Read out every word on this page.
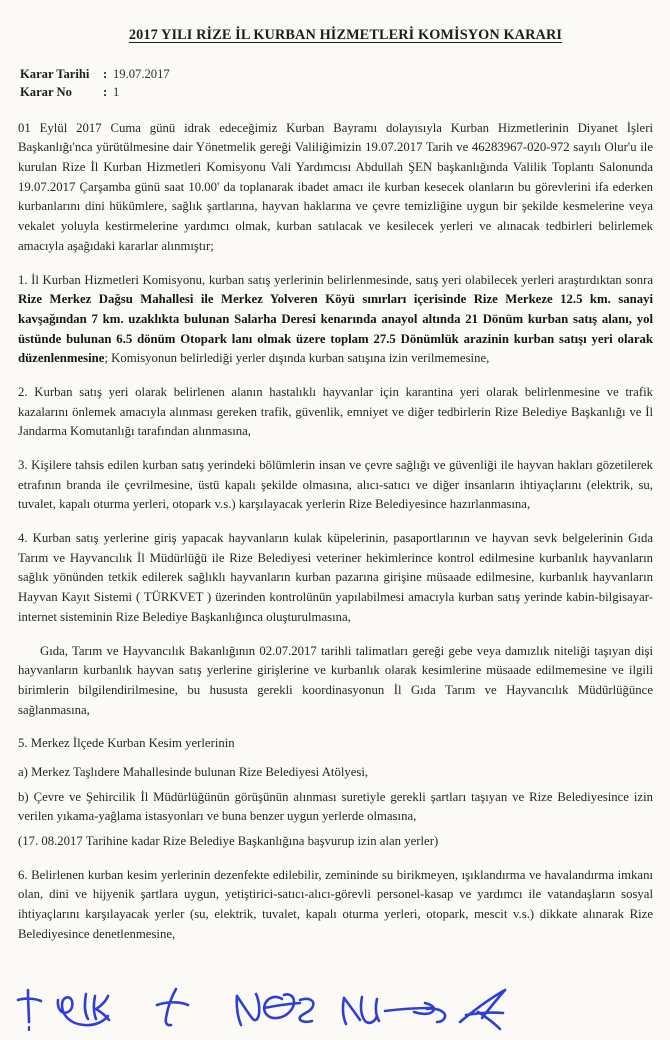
2017 YILI RİZE İL KURBAN HİZMETLERİ KOMİSYON KARARI
Karar Tarihi	: 19.07.2017
Karar No	: 1

01 Eylül 2017 Cuma günü idrak edeceğimiz Kurban Bayramı dolayısıyla Kurban Hizmetlerinin Diyanet İşleri Başkanlığı'nca yürütülmesine dair Yönetmelik gereği Valiliğimizin 19.07.2017 Tarih ve 46283967-020-972 sayılı Olur'u ile kurulan Rize İl Kurban Hizmetleri Komisyonu Vali Yardımcısı Abdullah ŞEN başkanlığında Valilik Toplantı Salonunda 19.07.2017 Çarşamba günü saat 10.00' da toplanarak ibadet amacı ile kurban kesecek olanların bu görevlerini ifa ederken kurbanlarını dini hükümlere, sağlık şartlarına, hayvan haklarına ve çevre temizliğine uygun bir şekilde kesmelerine veya vekalet yoluyla kestirmelerine yardımcı olmak, kurban satılacak ve kesilecek yerleri ve alınacak tedbirleri belirlemek amacıyla aşağıdaki kararlar alınmıştır;

1. İl Kurban Hizmetleri Komisyonu, kurban satış yerlerinin belirlenmesinde, satış yeri olabilecek yerleri araştırdıktan sonra Rize Merkez Dağsu Mahallesi ile Merkez Yolveren Köyü sınırları içerisinde Rize Merkeze 12.5 km. sanayi kavşağından 7 km. uzaklıkta bulunan Salarha Deresi kenarında anayol altında 21 Dönüm kurban satış alanı, yol üstünde bulunan 6.5 dönüm Otopark lanı olmak üzere toplam 27.5 Dönümlük arazinin kurban satışı yeri olarak düzenlenmesine; Komisyonun belirlediği yerler dışında kurban satışına izin verilmemesine,

2. Kurban satış yeri olarak belirlenen alanın hastalıklı hayvanlar için karantina yeri olarak belirlenmesine ve trafik kazalarını önlemek amacıyla alınması gereken trafik, güvenlik, emniyet ve diğer tedbirlerin Rize Belediye Başkanlığı ve İl Jandarma Komutanlığı tarafından alınmasına,

3. Kişilere tahsis edilen kurban satış yerindeki bölümlerin insan ve çevre sağlığı ve güvenliği ile hayvan hakları gözetilerek etrafının branda ile çevrilmesine, üstü kapalı şekilde olmasına, alıcı-satıcı ve diğer insanların ihtiyaçlarını (elektrik, su, tuvalet, kapalı oturma yerleri, otopark v.s.) karşılayacak yerlerin Rize Belediyesince hazırlanmasına,

4. Kurban satış yerlerine giriş yapacak hayvanların kulak küpelerinin, pasaportlarının ve hayvan sevk belgelerinin Gıda Tarım ve Hayvancılık İl Müdürlüğü ile Rize Belediyesi veteriner hekimlerince kontrol edilmesine kurbanlık hayvanların sağlık yönünden tetkik edilerek sağlıklı hayvanların kurban pazarına girişine müsaade edilmesine, kurbanlık hayvanların Hayvan Kayıt Sistemi ( TÜRKVET ) üzerinden kontrolünün yapılabilmesi amacıyla kurban satış yerinde kabin-bilgisayar- internet sisteminin Rize Belediye Başkanlığınca oluşturulmasına,

Gıda, Tarım ve Hayvancılık Bakanlığının 02.07.2017 tarihli talimatları gereği gebe veya damızlık niteliği taşıyan dişi hayvanların kurbanlık hayvan satış yerlerine girişlerine ve kurbanlık olarak kesimlerine müsaade edilmemesine ve ilgili birimlerin bilgilendirilmesine, bu hususta gerekli koordinasyonun İl Gıda Tarım ve Hayvancılık Müdürlüğünce sağlanmasına,

5. Merkez İlçede Kurban Kesim yerlerinin

a) Merkez Taşlıdere Mahallesinde bulunan Rize Belediyesi Atölyesi,

b) Çevre ve Şehircilik İl Müdürlüğünün görüşünün alınması suretiyle gerekli şartları taşıyan ve Rize Belediyesince izin verilen yıkama-yağlama istasyonları ve buna benzer uygun yerlerde olmasına,

(17. 08.2017 Tarihine kadar Rize Belediye Başkanlığına başvurup izin alan yerler)

6. Belirlenen kurban kesim yerlerinin dezenfekte edilebilir, zemininde su birikmeyen, ışıklandırma ve havalandırma imkanı olan, dini ve hijyenik şartlara uygun, yetiştirici-satıcı-alıcı-görevli personel-kasap ve yardımcı ile vatandaşların sosyal ihtiyaçlarını karşılayacak yerler (su, elektrik, tuvalet, kapalı oturma yerleri, otopark, mescit v.s.) dikkate alınarak Rize Belediyesince denetlenmesine,
